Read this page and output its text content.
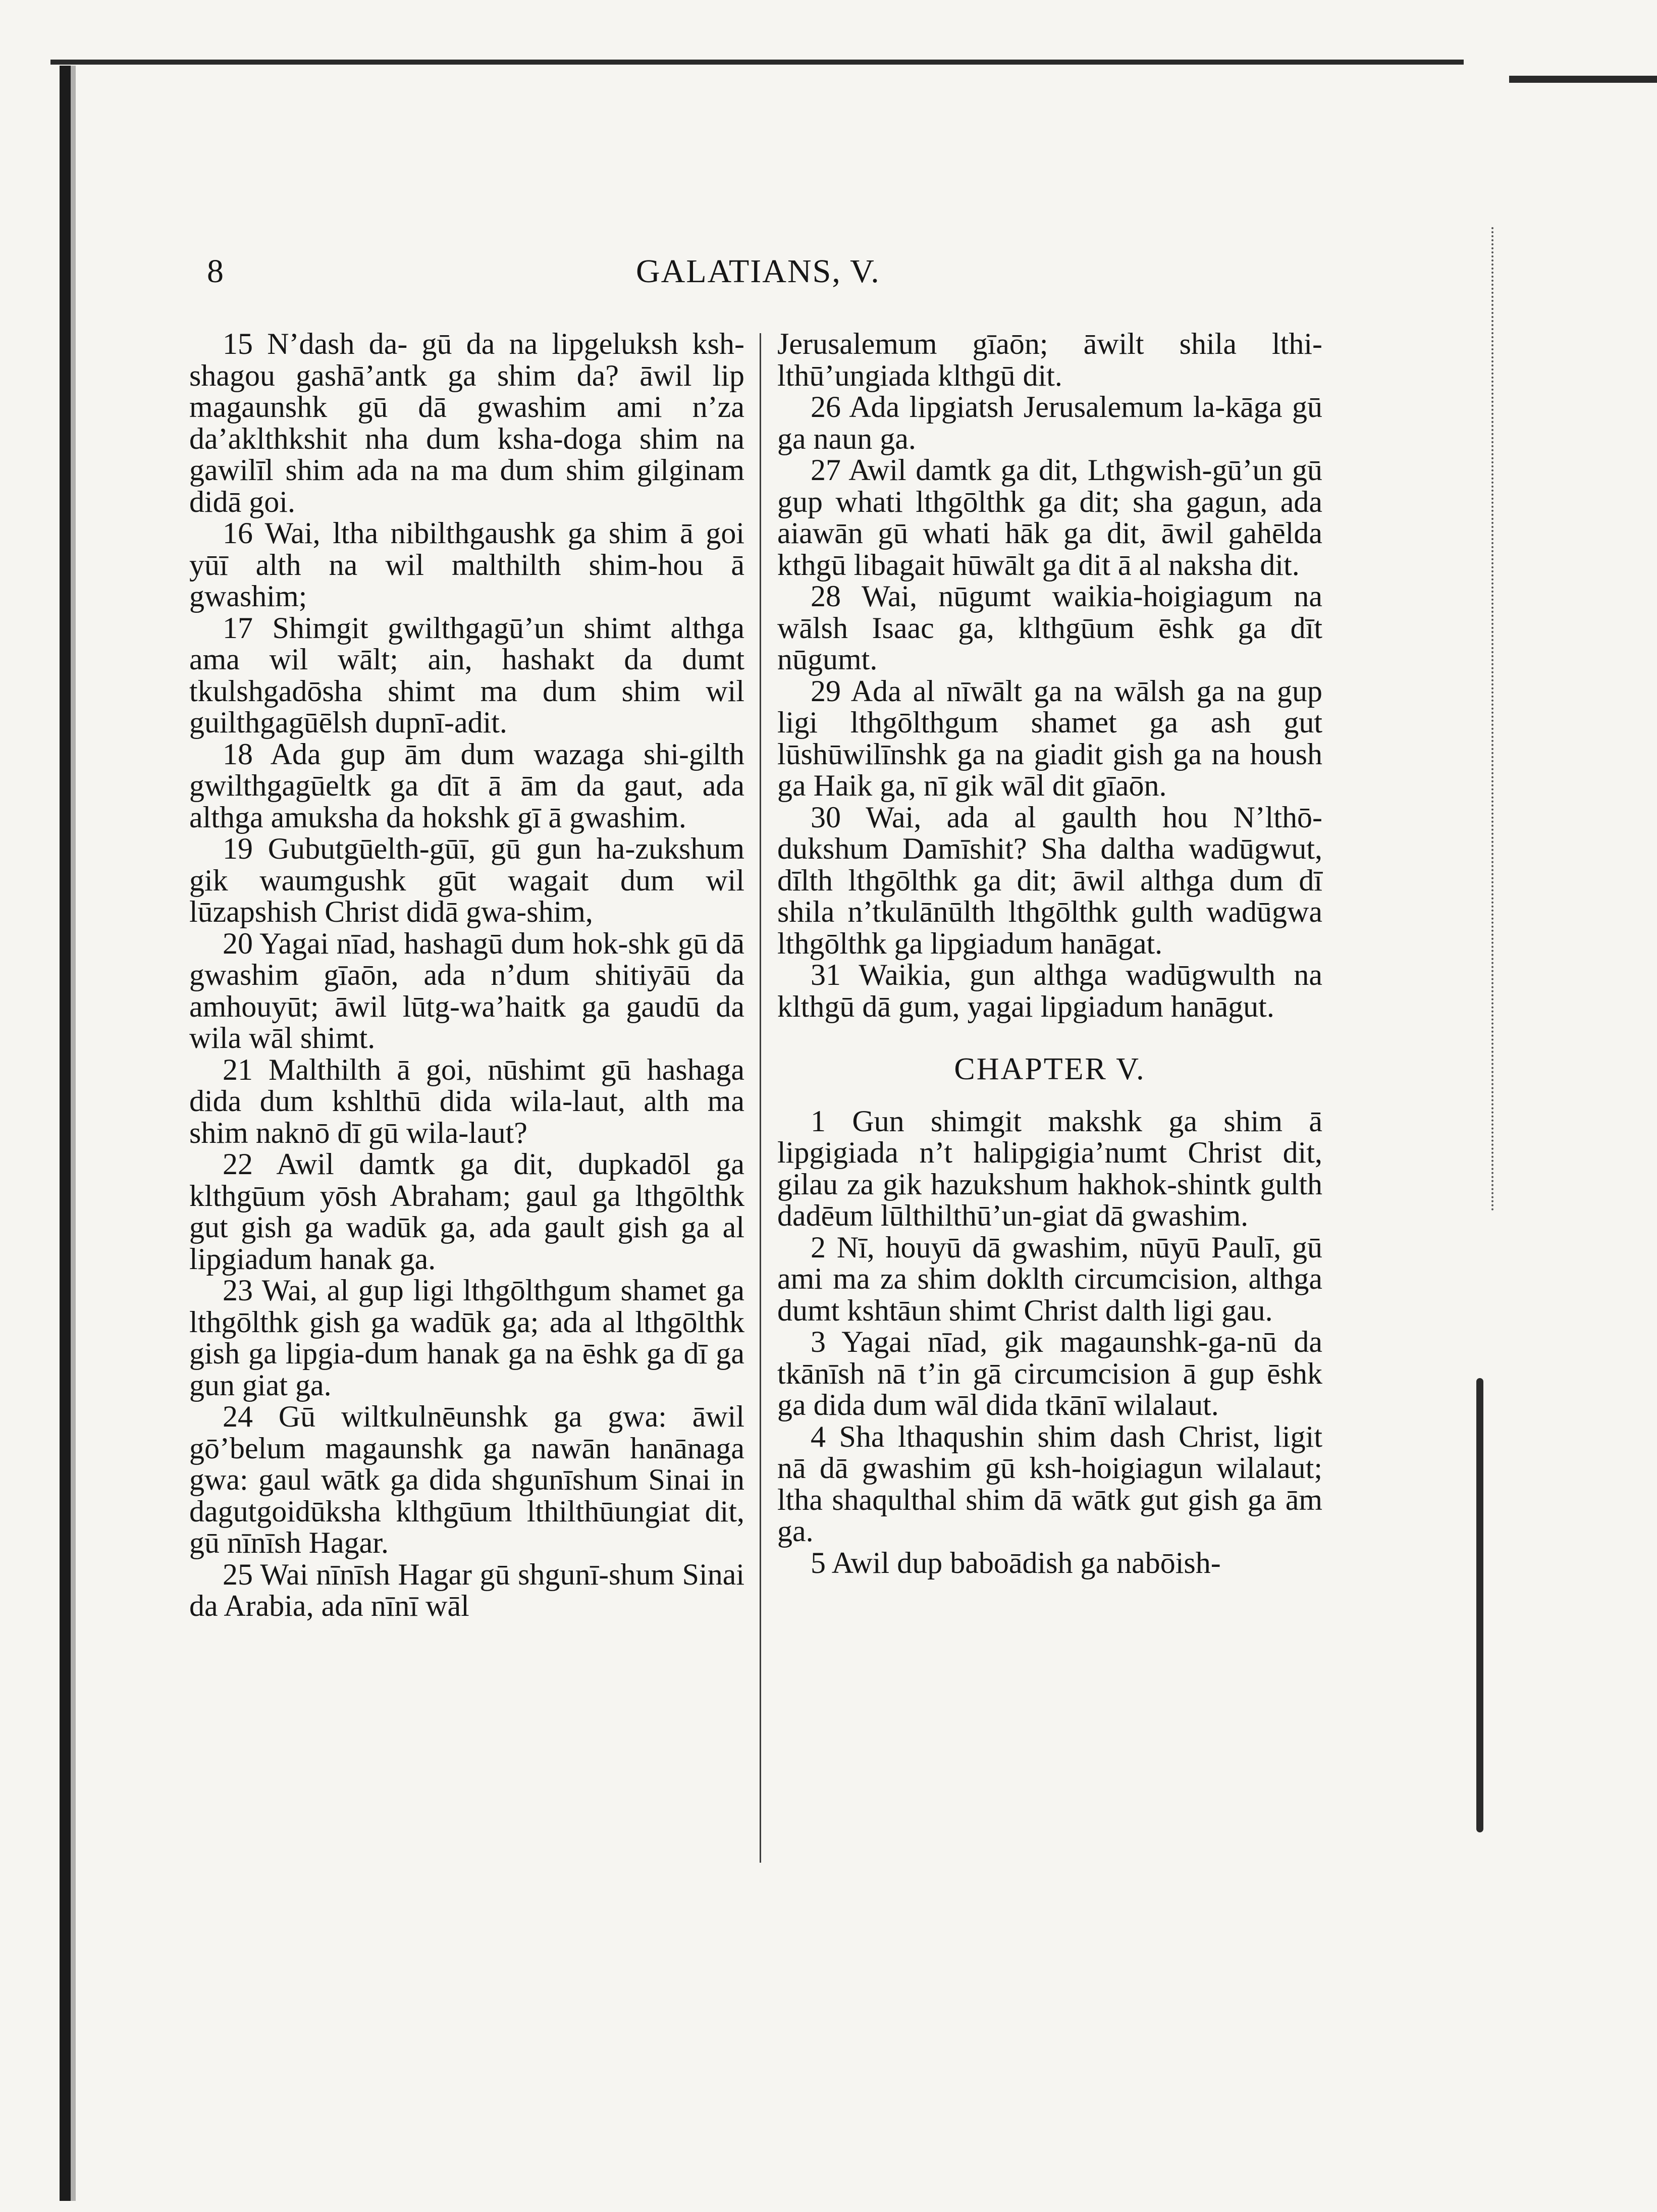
8	GALATIANS, V.

15 N’dash da- gū da na lipgeluksh ksh-shagou gashā’antk ga shim da? āwil lip magaunshk gū dā gwashim ami n’za da’aklthkshit nha dum ksha-doga shim na gawilīl shim ada na ma dum shim gilginam didā goi.

16 Wai, ltha nibilthgaushk ga shim ā goi yūī alth na wil malthilth shim-hou ā gwashim;

17 Shimgit gwilthgagū’un shimt althga ama wil wālt; ain, hashakt da dumt tkulshgadōsha shimt ma dum shim wil guilthgagūēlsh dupnī-adit.

18 Ada gup ām dum wazaga shi-gilth gwilthgagūeltk ga dīt ā ām da gaut, ada althga amuksha da hokshk gī ā gwashim.

19 Gubutgūelth-gūī, gū gun ha-zukshum gik waumgushk gūt wagait dum wil lūzapshish Christ didā gwa-shim,

20 Yagai nīad, hashagū dum hok-shk gū dā gwashim gīaōn, ada n’dum shitiyāū da amhouyūt; āwil lūtg-wa’haitk ga gaudū da wila wāl shimt.

21 Malthilth ā goi, nūshimt gū hashaga dida dum kshlthū dida wila-laut, alth ma shim naknō dī gū wila-laut?

22 Awil damtk ga dit, dupkadōl ga klthgūum yōsh Abraham; gaul ga lthgōlthk gut gish ga wadūk ga, ada gault gish ga al lipgiadum hanak ga.

23 Wai, al gup ligi lthgōlthgum shamet ga lthgōlthk gish ga wadūk ga; ada al lthgōlthk gish ga lipgia-dum hanak ga na ēshk ga dī ga gun giat ga.

24 Gū wiltkulnēunshk ga gwa: āwil gō’belum magaunshk ga nawān hanānaga gwa: gaul wātk ga dida shgunīshum Sinai in dagutgoidūksha klthgūum lthilthūungiat dit, gū nīnīsh Hagar.

25 Wai nīnīsh Hagar gū shgunī-shum Sinai da Arabia, ada nīnī wāl

Jerusalemum gīaōn; āwilt shila lthi-lthū’ungiada klthgū dit.

26 Ada lipgiatsh Jerusalemum la-kāga gū ga naun ga.

27 Awil damtk ga dit, Lthgwish-gū’un gū gup whati lthgōlthk ga dit; sha gagun, ada aiawān gū whati hāk ga dit, āwil gahēlda kthgū libagait hūwālt ga dit ā al naksha dit.

28 Wai, nūgumt waikia-hoigiagum na wālsh Isaac ga, klthgūum ēshk ga dīt nūgumt.

29 Ada al nīwālt ga na wālsh ga na gup ligi lthgōlthgum shamet ga ash gut lūshūwilīnshk ga na giadit gish ga na housh ga Haik ga, nī gik wāl dit gīaōn.

30 Wai, ada al gaulth hou N’lthō-dukshum Damīshit? Sha daltha wadūgwut, dīlth lthgōlthk ga dit; āwil althga dum dī shila n’tkulānūlth lthgōlthk gulth wadūgwa lthgōlthk ga lipgiadum hanāgat.

31 Waikia, gun althga wadūgwulth na klthgū dā gum, yagai lipgiadum hanāgut.

CHAPTER V.

1 Gun shimgit makshk ga shim ā lipgigiada n’t halipgigia’numt Christ dit, gilau za gik hazukshum hakhok-shintk gulth dadēum lūlthilthū’un-giat dā gwashim.

2 Nī, houyū dā gwashim, nūyū Paulī, gū ami ma za shim doklth circumcision, althga dumt kshtāun shimt Christ dalth ligi gau.

3 Yagai nīad, gik magaunshk-ga-nū da tkānīsh nā t’in gā circumcision ā gup ēshk ga dida dum wāl dida tkānī wilalaut.

4 Sha lthaqushin shim dash Christ, ligit nā dā gwashim gū ksh-hoigiagun wilalaut; ltha shaqulthal shim dā wātk gut gish ga ām ga.

5 Awil dup baboādish ga nabōish-
